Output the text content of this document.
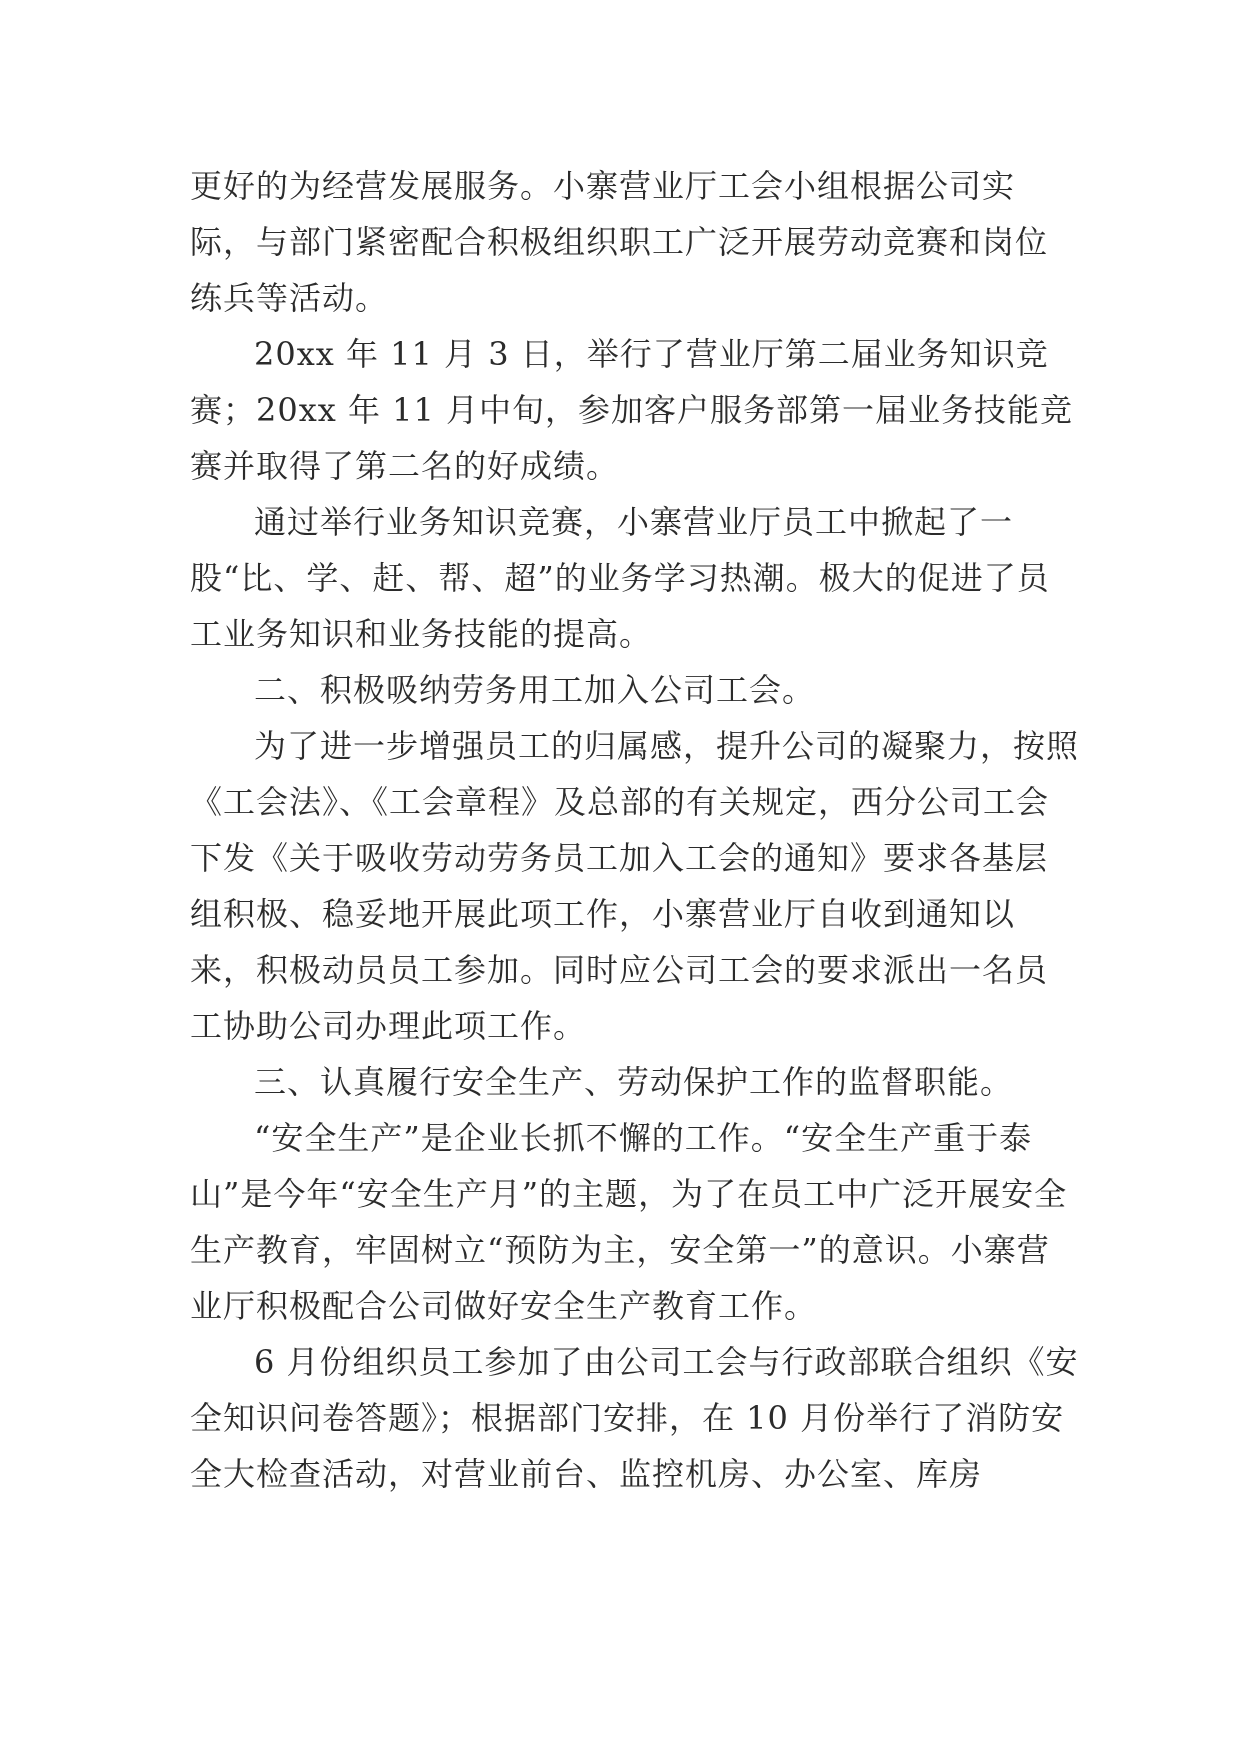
更好的为经营发展服务。小寨营业厅工会小组根据公司实际，与部门紧密配合积极组织职工广泛开展劳动竞赛和岗位练兵等活动。

20xx 年 11 月 3 日，举行了营业厅第二届业务知识竞赛；20xx 年 11 月中旬，参加客户服务部第一届业务技能竞赛并取得了第二名的好成绩。

通过举行业务知识竞赛，小寨营业厅员工中掀起了一股“比、学、赶、帮、超”的业务学习热潮。极大的促进了员工业务知识和业务技能的提高。

二、积极吸纳劳务用工加入公司工会。

为了进一步增强员工的归属感，提升公司的凝聚力，按照《工会法》、《工会章程》及总部的有关规定，西分公司工会下发《关于吸收劳动劳务员工加入工会的通知》要求各基层组积极、稳妥地开展此项工作，小寨营业厅自收到通知以来，积极动员员工参加。同时应公司工会的要求派出一名员工协助公司办理此项工作。

三、认真履行安全生产、劳动保护工作的监督职能。

“安全生产”是企业长抓不懈的工作。“安全生产重于泰山”是今年“安全生产月”的主题，为了在员工中广泛开展安全生产教育，牢固树立“预防为主，安全第一”的意识。小寨营业厅积极配合公司做好安全生产教育工作。

6 月份组织员工参加了由公司工会与行政部联合组织《安全知识问卷答题》；根据部门安排，在 10 月份举行了消防安全大检查活动，对营业前台、监控机房、办公室、库房
